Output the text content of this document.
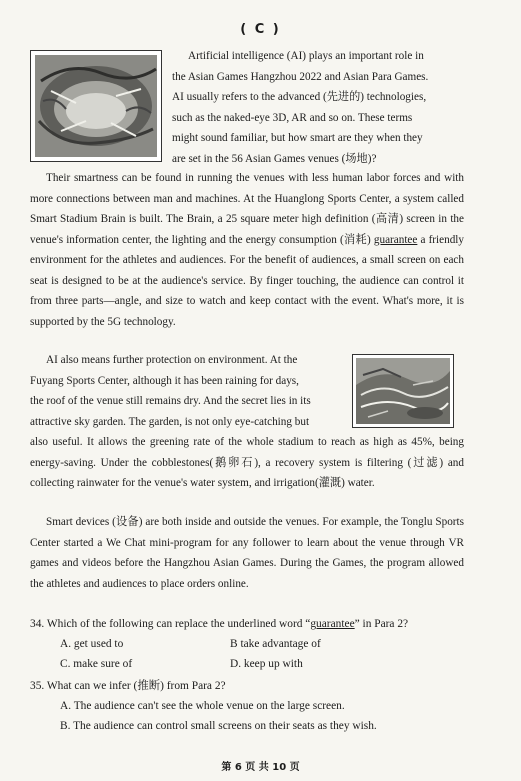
( C )
Artificial intelligence (AI) plays an important role in
the Asian Games Hangzhou 2022 and Asian Para Games.
AI usually refers to the advanced (先进的) technologies,
such as the naked-eye 3D, AR and so on. These terms
might sound familiar, but how smart are they when they
are set in the 56 Asian Games venues (场地)?
Their smartness can be found in running the venues with less human labor forces and with more connections between man and machines. At the Huanglong Sports Center, a system called Smart Stadium Brain is built. The Brain, a 25 square meter high definition (高清) screen in the venue's information center, the lighting and the energy consumption (消耗) guarantee a friendly environment for the athletes and audiences. For the benefit of audiences, a small screen on each seat is designed to be at the audience's service. By finger touching, the audience can control it from three parts—angle, and size to watch and keep contact with the event. What's more, it is supported by the 5G technology.
AI also means further protection on environment. At the
Fuyang Sports Center, although it has been raining for days,
the roof of the venue still remains dry. And the secret lies in its
attractive sky garden. The garden, is not only eye-catching but
also useful. It allows the greening rate of the whole stadium to reach as high as 45%, being energy-saving. Under the cobblestones(鹅卵石), a recovery system is filtering (过滤) and collecting rainwater for the venue's water system, and irrigation(灌溉) water.
Smart devices (设备) are both inside and outside the venues. For example, the Tonglu Sports Center started a We Chat mini-program for any follower to learn about the venue through VR games and videos before the Hangzhou Asian Games. During the Games, the program allowed the athletes and audiences to place orders online.
34. Which of the following can replace the underlined word “guarantee” in Para 2?
A. get used to	B take advantage of
C. make sure of	D. keep up with
35. What can we infer (推断) from Para 2?
A. The audience can't see the whole venue on the large screen.
B. The audience can control small screens on their seats as they wish.
第 6 页 共 10 页
